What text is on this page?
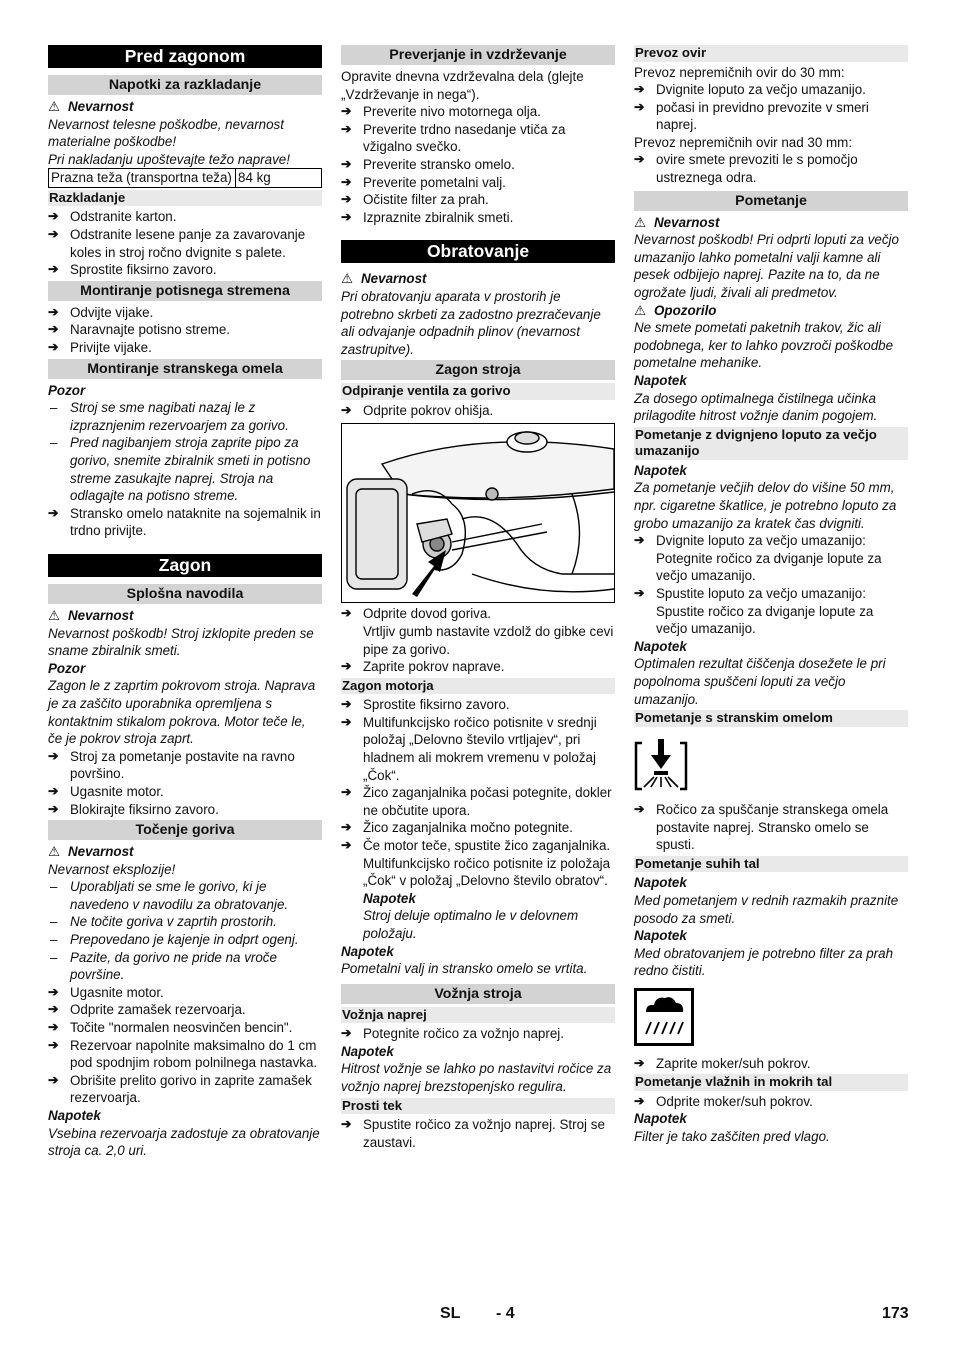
Pred zagonom
Napotki za razkladanje

⚠ Nevarnost

Nevarnost telesne poškodbe, nevarnost materialne poškodbe!

Pri nakladanju upoštevajte težo naprave!

Prazna teža (transportna teža)	84 kg
Razkladanje

➔ Odstranite karton.

➔ Odstranite lesene panje za zavarovanje koles in stroj ročno dvignite s palete.

➔ Sprostite fiksirno zavoro.

Montiranje potisnega stremena

➔ Odvijte vijake.

➔ Naravnajte potisno streme.

➔ Privijte vijake.

Montiranje stranskega omela

Pozor

– Stroj se sme nagibati nazaj le z izpraznjenim rezervoarjem za gorivo.

– Pred nagibanjem stroja zaprite pipo za gorivo, snemite zbiralnik smeti in potisno streme zasukajte naprej. Stroja na odlagajte na potisno streme.

➔ Stransko omelo nataknite na sojemalnik in trdno privijte.

Zagon
Splošna navodila

⚠ Nevarnost

Nevarnost poškodb! Stroj izklopite preden se sname zbiralnik smeti.

Pozor

Zagon le z zaprtim pokrovom stroja. Naprava je za zaščito uporabnika opremljena s kontaktnim stikalom pokrova. Motor teče le, če je pokrov stroja zaprt.

➔ Stroj za pometanje postavite na ravno površino.

➔ Ugasnite motor.

➔ Blokirajte fiksirno zavoro.

Točenje goriva

⚠ Nevarnost

Nevarnost eksplozije!

– Uporabljati se sme le gorivo, ki je navedeno v navodilu za obratovanje.

– Ne točite goriva v zaprtih prostorih.

– Prepovedano je kajenje in odprt ogenj.

– Pazite, da gorivo ne pride na vroče površine.

➔ Ugasnite motor.

➔ Odprite zamašek rezervoarja.

➔ Točite "normalen neosvinčen bencin".

➔ Rezervoar napolnite maksimalno do 1 cm pod spodnjim robom polnilnega nastavka.

➔ Obrišite prelito gorivo in zaprite zamašek rezervoarja.

Napotek

Vsebina rezervoarja zadostuje za obratovanje stroja ca. 2,0 uri.

Preverjanje in vzdrževanje

Opravite dnevna vzdrževalna dela (glejte „Vzdrževanje in nega“).

➔ Preverite nivo motornega olja.

➔ Preverite trdno nasedanje vtiča za vžigalno svečko.

➔ Preverite stransko omelo.

➔ Preverite pometalni valj.

➔ Očistite filter za prah.

➔ Izpraznite zbiralnik smeti.

Obratovanje

⚠ Nevarnost

Pri obratovanju aparata v prostorih je potrebno skrbeti za zadostno prezračevanje ali odvajanje odpadnih plinov (nevarnost zastrupitve).

Zagon stroja
Odpiranje ventila za gorivo

➔ Odprite pokrov ohišja.

➔ Odprite dovod goriva.

Vrtljiv gumb nastavite vzdolž do gibke cevi pipe za gorivo.

➔ Zaprite pokrov naprave.

Zagon motorja

➔ Sprostite fiksirno zavoro.

➔ Multifunkcijsko ročico potisnite v srednji položaj „Delovno število vrtljajev“, pri hladnem ali mokrem vremenu v položaj „Čok“.

➔ Žico zaganjalnika počasi potegnite, dokler ne občutite upora.

➔ Žico zaganjalnika močno potegnite.

➔ Če motor teče, spustite žico zaganjalnika. Multifunkcijsko ročico potisnite iz položaja „Čok“ v položaj „Delovno število obratov“.

Napotek

Stroj deluje optimalno le v delovnem položaju.

Napotek

Pometalni valj in stransko omelo se vrtita.

Vožnja stroja
Vožnja naprej

➔ Potegnite ročico za vožnjo naprej.

Napotek

Hitrost vožnje se lahko po nastavitvi ročice za vožnjo naprej brezstopenjsko regulira.

Prosti tek

➔ Spustite ročico za vožnjo naprej. Stroj se zaustavi.

Prevoz ovir

Prevoz nepremičnih ovir do 30 mm:

➔ Dvignite loputo za večjo umazanijo.

➔ počasi in previdno prevozite v smeri naprej.

Prevoz nepremičnih ovir nad 30 mm:

➔ ovire smete prevoziti le s pomočjo ustreznega odra.

Pometanje

⚠ Nevarnost

Nevarnost poškodb! Pri odprti loputi za večjo umazanijo lahko pometalni valji kamne ali pesek odbijejo naprej. Pazite na to, da ne ogrožate ljudi, živali ali predmetov.

⚠ Opozorilo

Ne smete pometati paketnih trakov, žic ali podobnega, ker to lahko povzroči poškodbe pometalne mehanike.

Napotek

Za dosego optimalnega čistilnega učinka prilagodite hitrost vožnje danim pogojem.

Pometanje z dvignjeno loputo za večjo umazanijo

Napotek

Za pometanje večjih delov do višine 50 mm, npr. cigaretne škatlice, je potrebno loputo za grobo umazanijo za kratek čas dvigniti.

➔ Dvignite loputo za večjo umazanijo: Potegnite ročico za dviganje lopute za večjo umazanijo.

➔ Spustite loputo za večjo umazanijo: Spustite ročico za dviganje lopute za večjo umazanijo.

Napotek

Optimalen rezultat čiščenja dosežete le pri popolnoma spuščeni loputi za večjo umazanijo.

Pometanje s stranskim omelom

➔ Ročico za spuščanje stranskega omela postavite naprej. Stransko omelo se spusti.

Pometanje suhih tal

Napotek

Med pometanjem v rednih razmakih praznite posodo za smeti.

Napotek

Med obratovanjem je potrebno filter za prah redno čistiti.

➔ Zaprite moker/suh pokrov.

Pometanje vlažnih in mokrih tal

➔ Odprite moker/suh pokrov.

Napotek

Filter je tako zaščiten pred vlago.

SL - 4	173
